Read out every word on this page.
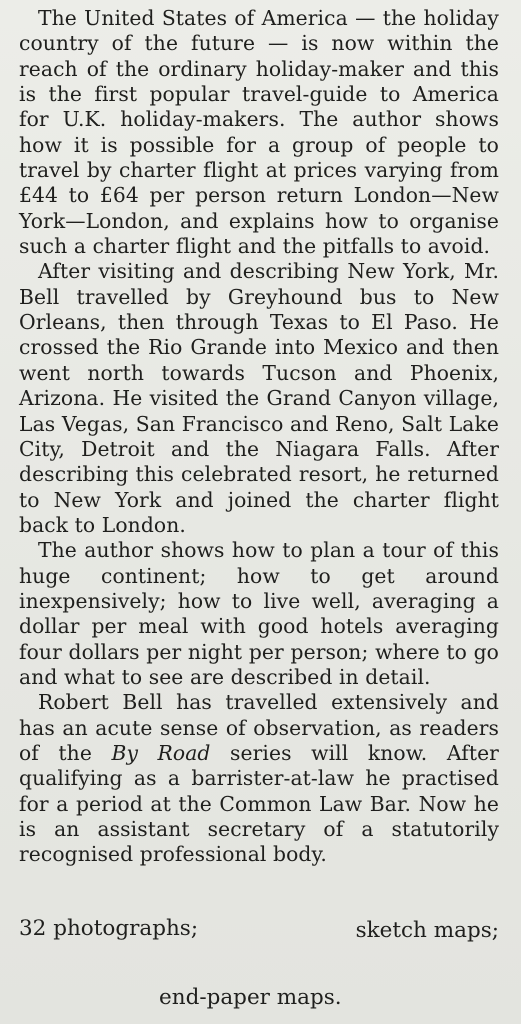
The United States of America — the holiday country of the future — is now within the reach of the ordinary holiday-maker and this is the first popular travel-guide to America for U.K. holiday-makers. The author shows how it is possible for a group of people to travel by charter flight at prices varying from £44 to £64 per person return London—New York—London, and explains how to organise such a charter flight and the pitfalls to avoid.

After visiting and describing New York, Mr. Bell travelled by Greyhound bus to New Orleans, then through Texas to El Paso. He crossed the Rio Grande into Mexico and then went north towards Tucson and Phoenix, Arizona. He visited the Grand Canyon village, Las Vegas, San Francisco and Reno, Salt Lake City, Detroit and the Niagara Falls. After describing this celebrated resort, he returned to New York and joined the charter flight back to London.

The author shows how to plan a tour of this huge continent; how to get around inexpensively; how to live well, averaging a dollar per meal with good hotels averaging four dollars per night per person; where to go and what to see are described in detail.

Robert Bell has travelled extensively and has an acute sense of observation, as readers of the By Road series will know. After qualifying as a barrister-at-law he practised for a period at the Common Law Bar. Now he is an assistant secretary of a statutorily recognised professional body.

32 photographs;	sketch maps;
end-paper maps.
